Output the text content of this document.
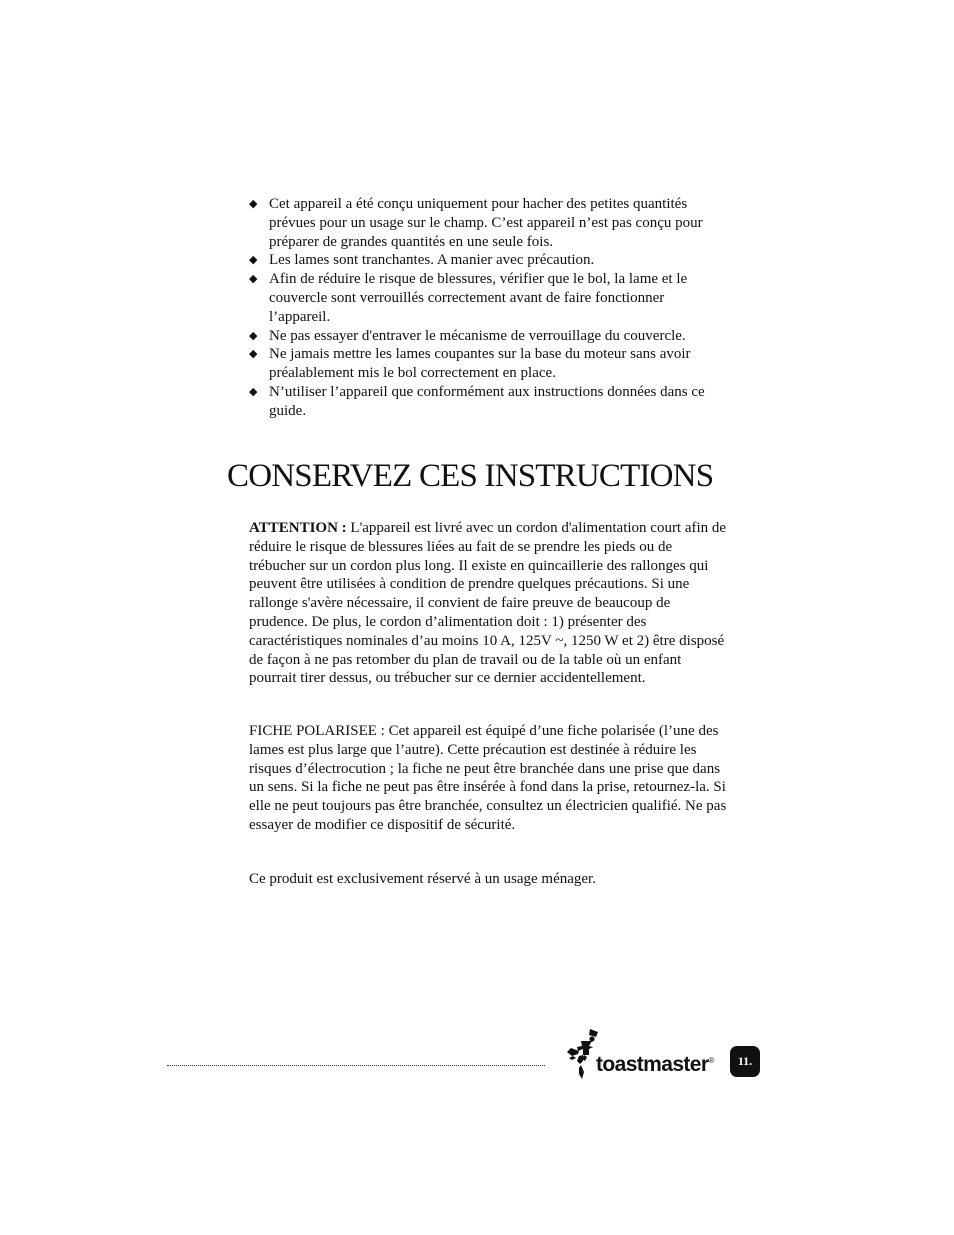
◆ Cet appareil a été conçu uniquement pour hacher des petites quantités prévues pour un usage sur le champ. C’est appareil n’est pas conçu pour préparer de grandes quantités en une seule fois.
◆ Les lames sont tranchantes. A manier avec précaution.
◆ Afin de réduire le risque de blessures, vérifier que le bol, la lame et le couvercle sont verrouillés correctement avant de faire fonctionner l’appareil.
◆ Ne pas essayer d'entraver le mécanisme de verrouillage du couvercle.
◆ Ne jamais mettre les lames coupantes sur la base du moteur sans avoir préalablement mis le bol correctement en place.
◆ N’utiliser l’appareil que conformément aux instructions données dans ce guide.
CONSERVEZ CES INSTRUCTIONS

ATTENTION : L'appareil est livré avec un cordon d'alimentation court afin de réduire le risque de blessures liées au fait de se prendre les pieds ou de trébucher sur un cordon plus long. Il existe en quincaillerie des rallonges qui peuvent être utilisées à condition de prendre quelques précautions. Si une rallonge s'avère nécessaire, il convient de faire preuve de beaucoup de prudence. De plus, le cordon d’alimentation doit : 1) présenter des caractéristiques nominales d’au moins 10 A, 125V ~, 1250 W et 2) être disposé de façon à ne pas retomber du plan de travail ou de la table où un enfant pourrait tirer dessus, ou trébucher sur ce dernier accidentellement.

FICHE POLARISEE : Cet appareil est équipé d’une fiche polarisée (l’une des lames est plus large que l’autre). Cette précaution est destinée à réduire les risques d’électrocution ; la fiche ne peut être branchée dans une prise que dans un sens. Si la fiche ne peut pas être insérée à fond dans la prise, retournez-la. Si elle ne peut toujours pas être branchée, consultez un électricien qualifié. Ne pas essayer de modifier ce dispositif de sécurité.

Ce produit est exclusivement réservé à un usage ménager.

toastmaster®	11.
